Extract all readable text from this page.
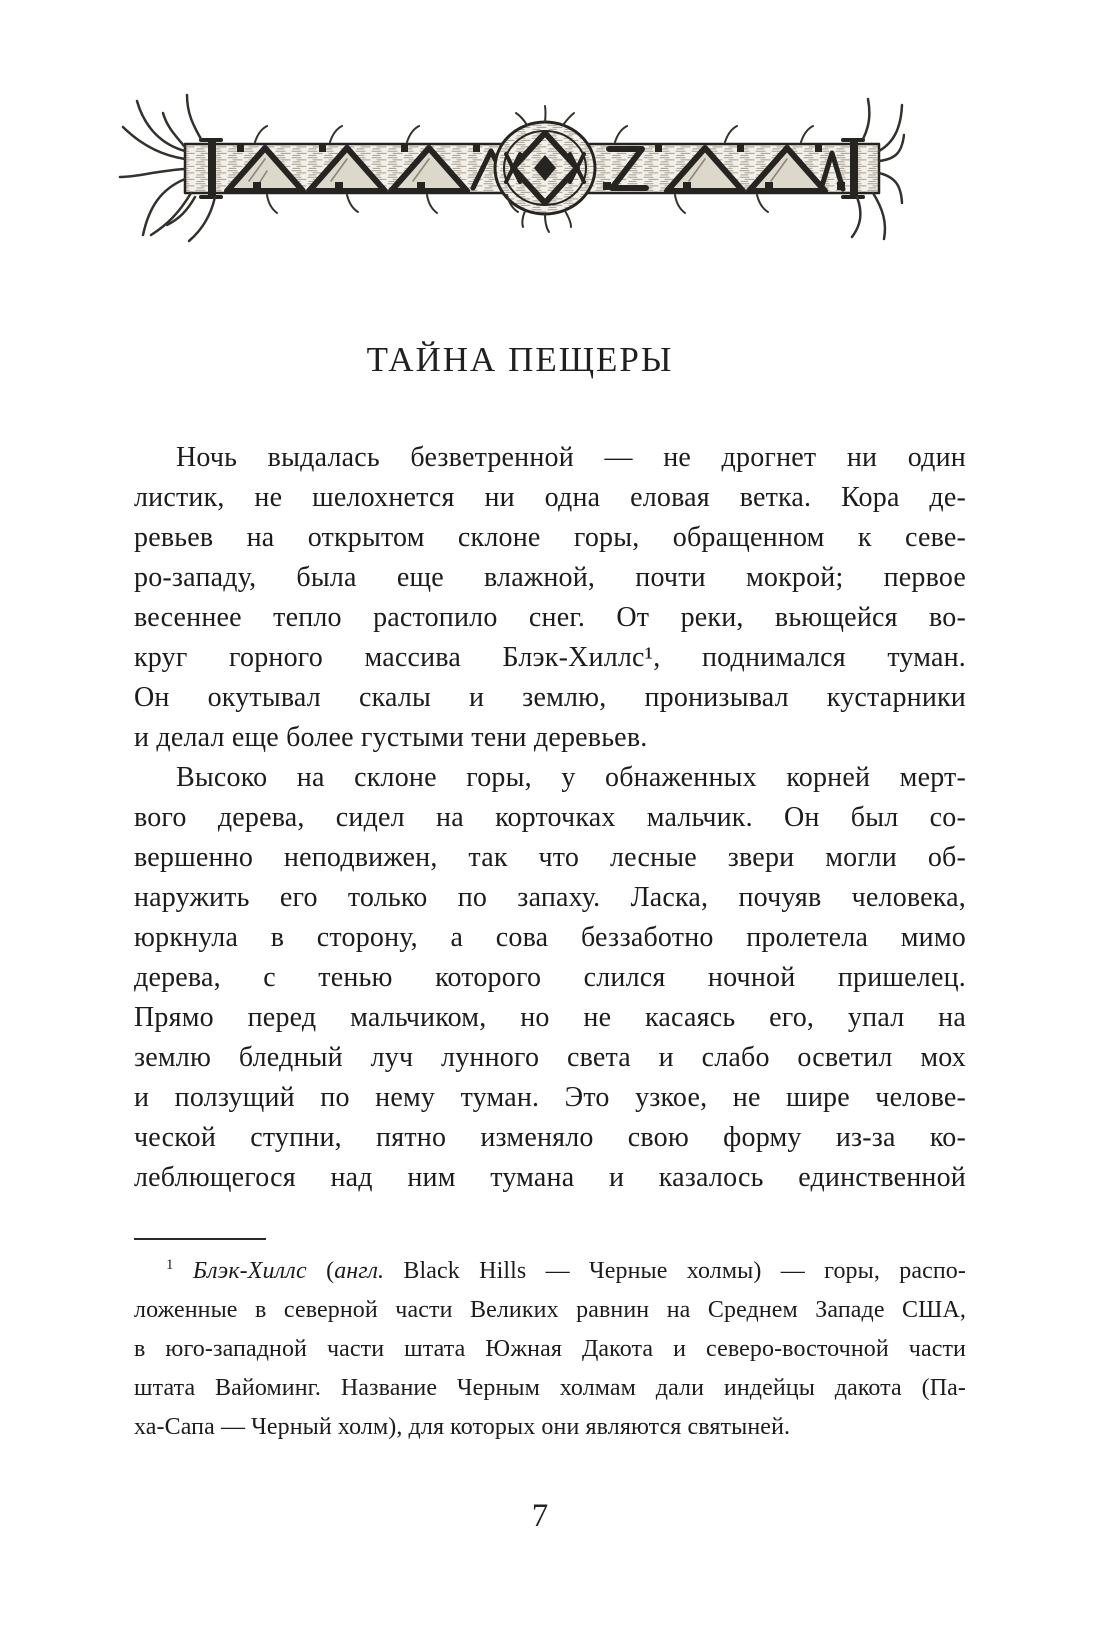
ТАЙНА ПЕЩЕРЫ
Ночь выдалась безветренной — не дрогнет ни один
листик, не шелохнется ни одна еловая ветка. Кора де-
ревьев на открытом склоне горы, обращенном к севе-
ро-западу, была еще влажной, почти мокрой; первое
весеннее тепло растопило снег. От реки, вьющейся во-
круг горного массива Блэк-Хиллс¹, поднимался туман.
Он окутывал скалы и землю, пронизывал кустарники
и делал еще более густыми тени деревьев.
Высоко на склоне горы, у обнаженных корней мерт-
вого дерева, сидел на корточках мальчик. Он был со-
вершенно неподвижен, так что лесные звери могли об-
наружить его только по запаху. Ласка, почуяв человека,
юркнула в сторону, а сова беззаботно пролетела мимо
дерева, с тенью которого слился ночной пришелец.
Прямо перед мальчиком, но не касаясь его, упал на
землю бледный луч лунного света и слабо осветил мох
и ползущий по нему туман. Это узкое, не шире челове-
ческой ступни, пятно изменяло свою форму из-за ко-
леблющегося над ним тумана и казалось единственной
$^1$ Блэк-Хиллс (англ. Black Hills — Черные холмы) — горы, распо-
ложенные в северной части Великих равнин на Среднем Западе США,
в юго-западной части штата Южная Дакота и северо-восточной части
штата Вайоминг. Название Черным холмам дали индейцы дакота (Па-
ха-Сапа — Черный холм), для которых они являются святыней.
7
